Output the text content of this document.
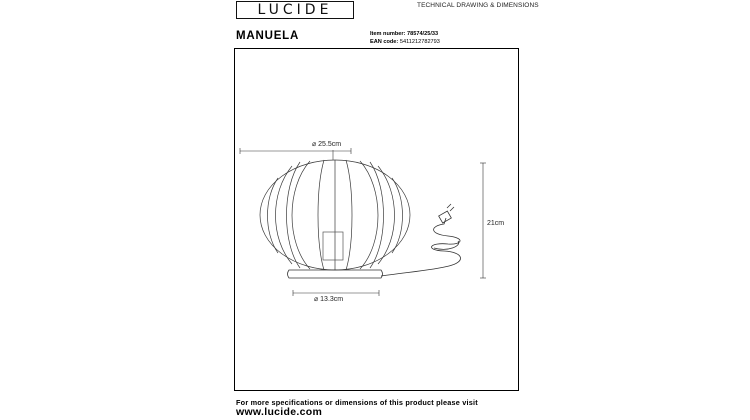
LUCIDE	TECHNICAL DRAWING & DIMENSIONS
MANUELA	Item number: 78574/25/33
EAN code: 5411212782793
⌀ 25.5cm
⌀ 13.3cm
21cm
For more specifications or dimensions of this product please visit
www.lucide.com
